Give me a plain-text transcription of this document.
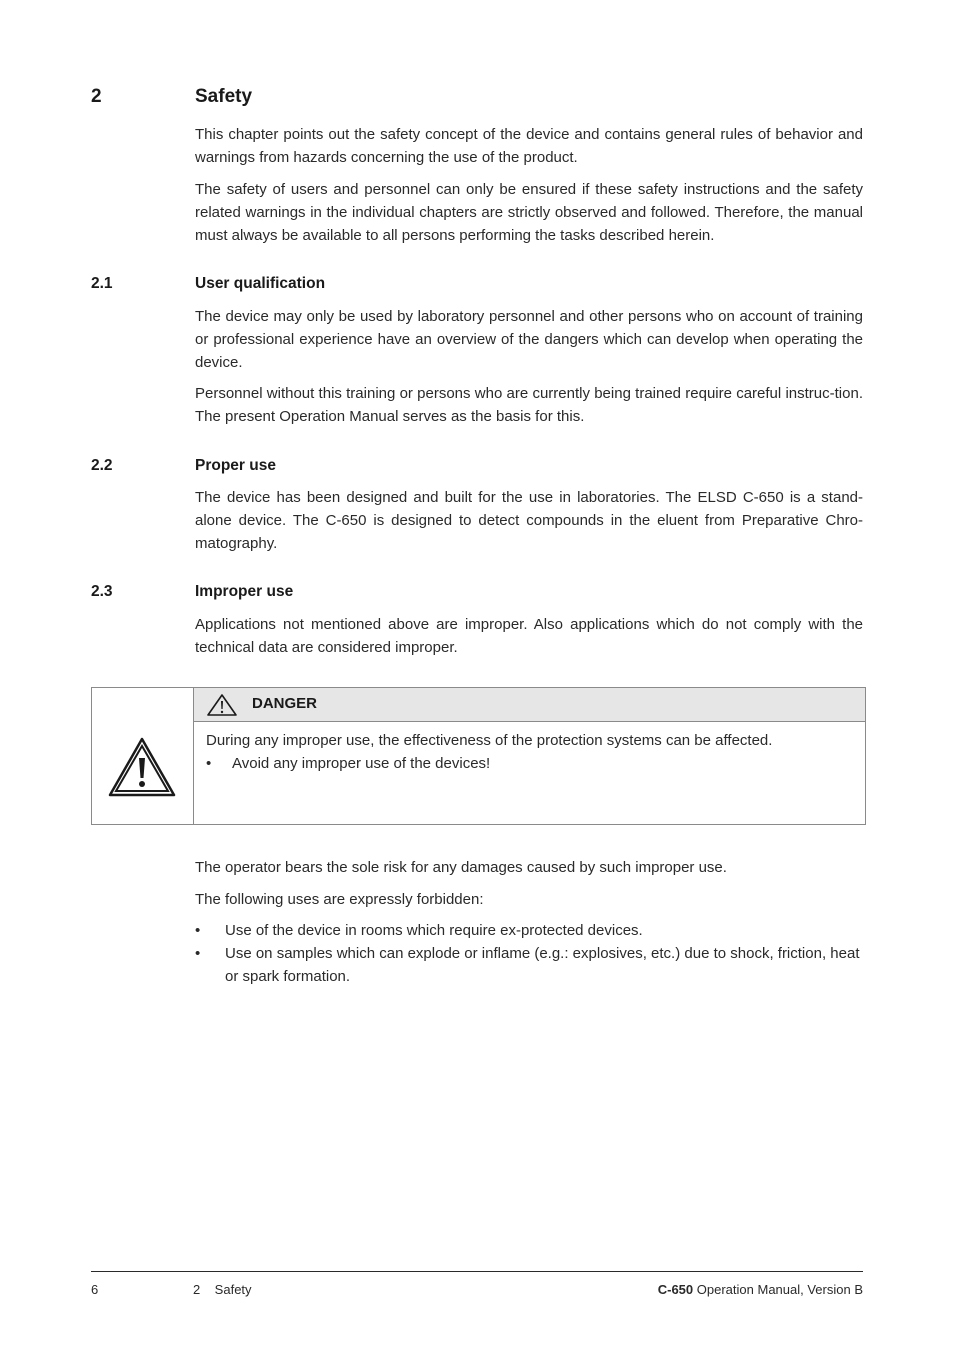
2	Safety

This chapter points out the safety concept of the device and contains general rules of behavior and warnings from hazards concerning the use of the product.

The safety of users and personnel can only be ensured if these safety instructions and the safety related warnings in the individual chapters are strictly observed and followed. Therefore, the manual must always be available to all persons performing the tasks described herein.

2.1	User qualification

The device may only be used by laboratory personnel and other persons who on account of training or professional experience have an overview of the dangers which can develop when operating the device.

Personnel without this training or persons who are currently being trained require careful instruc-tion. The present Operation Manual serves as the basis for this.

2.2	Proper use

The device has been designed and built for the use in laboratories. The ELSD C-650 is a stand-alone device. The C-650 is designed to detect compounds in the eluent from Preparative Chro-matography.

2.3	Improper use

Applications not mentioned above are improper. Also applications which do not comply with the technical data are considered improper.

DANGER

During any improper use, the effectiveness of the protection systems can be affected.

• Avoid any improper use of the devices!

The operator bears the sole risk for any damages caused by such improper use.

The following uses are expressly forbidden:

• Use of the device in rooms which require ex-protected devices.

• Use on samples which can explode or inflame (e.g.: explosives, etc.) due to shock, friction, heat or spark formation.

6	2    Safety	C-650 Operation Manual, Version B
